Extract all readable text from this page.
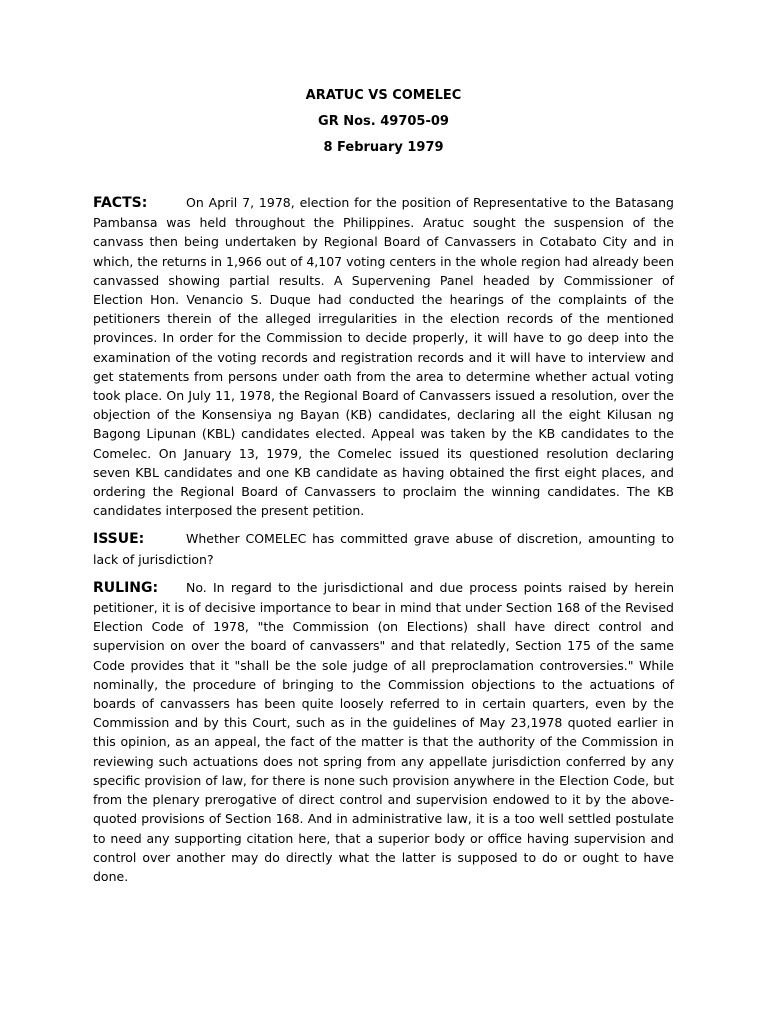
ARATUC VS COMELEC
GR Nos. 49705-09
8 February 1979

FACTS:	On April 7, 1978, election for the position of Representative to the Batasang Pambansa was held throughout the Philippines. Aratuc sought the suspension of the canvass then being undertaken by Regional Board of Canvassers in Cotabato City and in which, the returns in 1,966 out of 4,107 voting centers in the whole region had already been canvassed showing partial results. A Supervening Panel headed by Commissioner of Election Hon. Venancio S. Duque had conducted the hearings of the complaints of the petitioners therein of the alleged irregularities in the election records of the mentioned provinces. In order for the Commission to decide properly, it will have to go deep into the examination of the voting records and registration records and it will have to interview and get statements from persons under oath from the area to determine whether actual voting took place. On July 11, 1978, the Regional Board of Canvassers issued a resolution, over the objection of the Konsensiya ng Bayan (KB) candidates, declaring all the eight Kilusan ng Bagong Lipunan (KBL) candidates elected. Appeal was taken by the KB candidates to the Comelec. On January 13, 1979, the Comelec issued its questioned resolution declaring seven KBL candidates and one KB candidate as having obtained the first eight places, and ordering the Regional Board of Canvassers to proclaim the winning candidates. The KB candidates interposed the present petition.

ISSUE:	Whether COMELEC has committed grave abuse of discretion, amounting to lack of jurisdiction?

RULING: No. In regard to the jurisdictional and due process points raised by herein petitioner, it is of decisive importance to bear in mind that under Section 168 of the Revised Election Code of 1978, "the Commission (on Elections) shall have direct control and supervision on over the board of canvassers" and that relatedly, Section 175 of the same Code provides that it "shall be the sole judge of all preproclamation controversies." While nominally, the procedure of bringing to the Commission objections to the actuations of boards of canvassers has been quite loosely referred to in certain quarters, even by the Commission and by this Court, such as in the guidelines of May 23,1978 quoted earlier in this opinion, as an appeal, the fact of the matter is that the authority of the Commission in reviewing such actuations does not spring from any appellate jurisdiction conferred by any specific provision of law, for there is none such provision anywhere in the Election Code, but from the plenary prerogative of direct control and supervision endowed to it by the above-quoted provisions of Section 168. And in administrative law, it is a too well settled postulate to need any supporting citation here, that a superior body or office having supervision and control over another may do directly what the latter is supposed to do or ought to have done.
